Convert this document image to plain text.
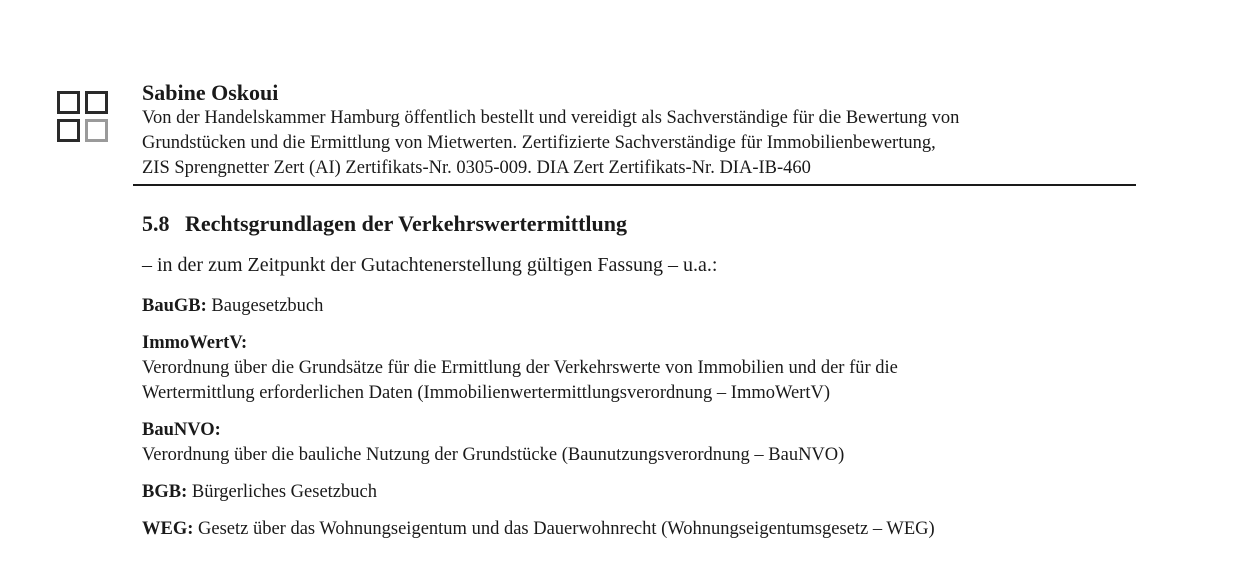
Sabine Oskoui
Von der Handelskammer Hamburg öffentlich bestellt und vereidigt als Sachverständige für die Bewertung von
Grundstücken und die Ermittlung von Mietwerten. Zertifizierte Sachverständige für Immobilienbewertung,
ZIS Sprengnetter Zert (AI) Zertifikats-Nr. 0305-009. DIA Zert Zertifikats-Nr. DIA-IB-460
5.8 Rechtsgrundlagen der Verkehrswertermittlung
– in der zum Zeitpunkt der Gutachtenerstellung gültigen Fassung – u.a.:
BauGB: Baugesetzbuch
ImmoWertV:
Verordnung über die Grundsätze für die Ermittlung der Verkehrswerte von Immobilien und der für die
Wertermittlung erforderlichen Daten (Immobilienwertermittlungsverordnung – ImmoWertV)
BauNVO:
Verordnung über die bauliche Nutzung der Grundstücke (Baunutzungsverordnung – BauNVO)
BGB: Bürgerliches Gesetzbuch
WEG: Gesetz über das Wohnungseigentum und das Dauerwohnrecht (Wohnungseigentumsgesetz – WEG)
